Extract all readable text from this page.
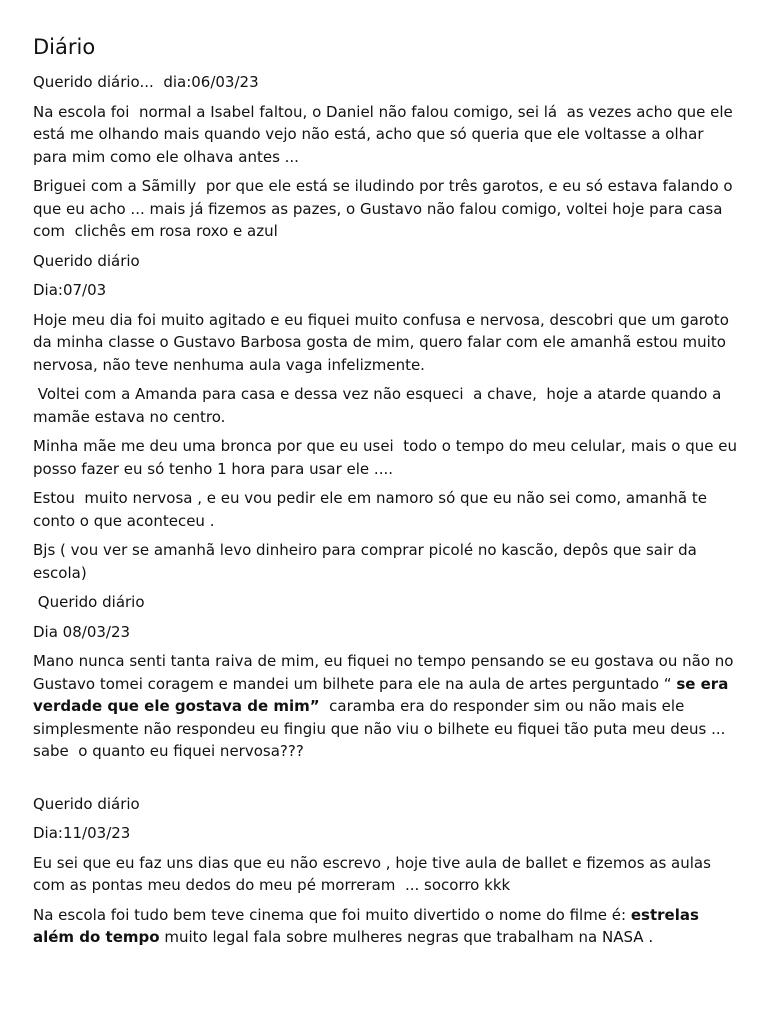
Diário
Querido diário...  dia:06/03/23
Na escola foi  normal a Isabel faltou, o Daniel não falou comigo, sei lá  as vezes acho que ele está me olhando mais quando vejo não está, acho que só queria que ele voltasse a olhar para mim como ele olhava antes ...
Briguei com a Sãmilly  por que ele está se iludindo por três garotos, e eu só estava falando o que eu acho ... mais já fizemos as pazes, o Gustavo não falou comigo, voltei hoje para casa com  clichês em rosa roxo e azul
Querido diário
Dia:07/03
Hoje meu dia foi muito agitado e eu fiquei muito confusa e nervosa, descobri que um garoto da minha classe o Gustavo Barbosa gosta de mim, quero falar com ele amanhã estou muito nervosa, não teve nenhuma aula vaga infelizmente.
Voltei com a Amanda para casa e dessa vez não esqueci  a chave,  hoje a atarde quando a mamãe estava no centro.
Minha mãe me deu uma bronca por que eu usei  todo o tempo do meu celular, mais o que eu posso fazer eu só tenho 1 hora para usar ele ....
Estou  muito nervosa , e eu vou pedir ele em namoro só que eu não sei como, amanhã te conto o que aconteceu .
Bjs ( vou ver se amanhã levo dinheiro para comprar picolé no kascão, depôs que sair da escola)
Querido diário
Dia 08/03/23
Mano nunca senti tanta raiva de mim, eu fiquei no tempo pensando se eu gostava ou não no Gustavo tomei coragem e mandei um bilhete para ele na aula de artes perguntado “ se era verdade que ele gostava de mim”  caramba era do responder sim ou não mais ele simplesmente não respondeu eu fingiu que não viu o bilhete eu fiquei tão puta meu deus ... sabe  o quanto eu fiquei nervosa???
Querido diário
Dia:11/03/23
Eu sei que eu faz uns dias que eu não escrevo , hoje tive aula de ballet e fizemos as aulas com as pontas meu dedos do meu pé morreram  ... socorro kkk
Na escola foi tudo bem teve cinema que foi muito divertido o nome do filme é: estrelas além do tempo muito legal fala sobre mulheres negras que trabalham na NASA .
